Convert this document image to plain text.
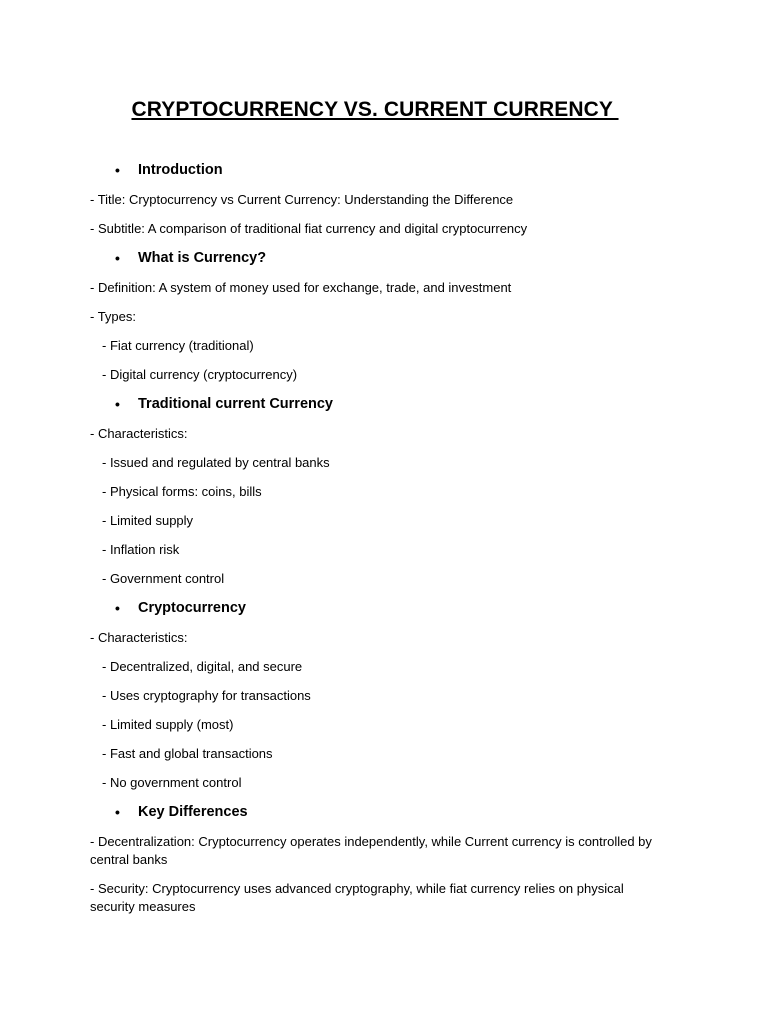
CRYPTOCURRENCY VS. CURRENT CURRENCY
• Introduction
- Title: Cryptocurrency vs Current Currency: Understanding the Difference
- Subtitle: A comparison of traditional fiat currency and digital cryptocurrency
• What is Currency?
- Definition: A system of money used for exchange, trade, and investment
- Types:
- Fiat currency (traditional)
- Digital currency (cryptocurrency)
• Traditional current Currency
- Characteristics:
- Issued and regulated by central banks
- Physical forms: coins, bills
- Limited supply
- Inflation risk
- Government control
• Cryptocurrency
- Characteristics:
- Decentralized, digital, and secure
- Uses cryptography for transactions
- Limited supply (most)
- Fast and global transactions
- No government control
• Key Differences
- Decentralization: Cryptocurrency operates independently, while Current currency is controlled by central banks
- Security: Cryptocurrency uses advanced cryptography, while fiat currency relies on physical security measures
